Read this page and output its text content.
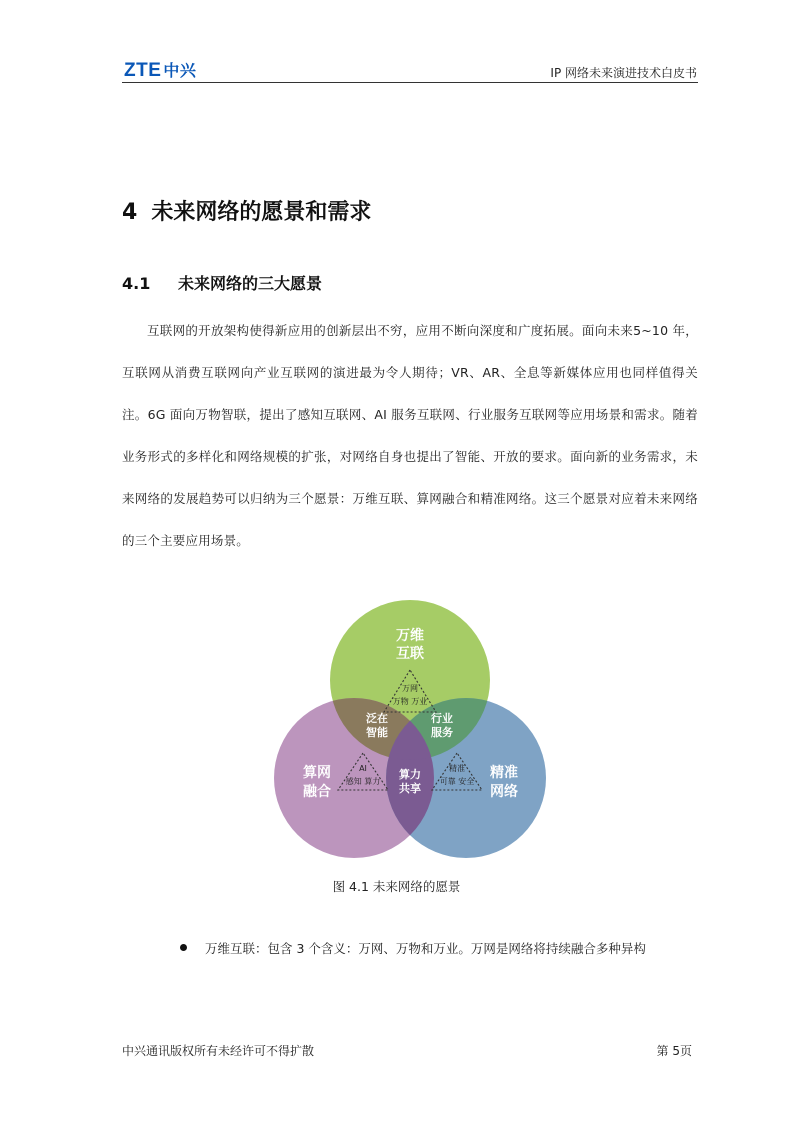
ZTE 中兴	IP 网络未来演进技术白皮书
4 未来网络的愿景和需求
4.1 未来网络的三大愿景
互联网的开放架构使得新应用的创新层出不穷，应用不断向深度和广度拓展。面向未来5~10 年，互联网从消费互联网向产业互联网的演进最为令人期待；VR、AR、全息等新媒体应用也同样值得关注。6G 面向万物智联，提出了感知互联网、AI 服务互联网、行业服务互联网等应用场景和需求。随着业务形式的多样化和网络规模的扩张，对网络自身也提出了智能、开放的要求。面向新的业务需求，未来网络的发展趋势可以归纳为三个愿景：万维互联、算网融合和精准网络。这三个愿景对应着未来网络的三个主要应用场景。
万维
互联
算网
融合
精准
网络
泛在
智能
行业
服务
算力
共享
万网
万物 万业
AI
感知 算力
精准
可靠 安全
图 4.1 未来网络的愿景
万维互联：包含 3 个含义：万网、万物和万业。万网是网络将持续融合多种异构
中兴通讯版权所有未经许可不得扩散	第 5页
